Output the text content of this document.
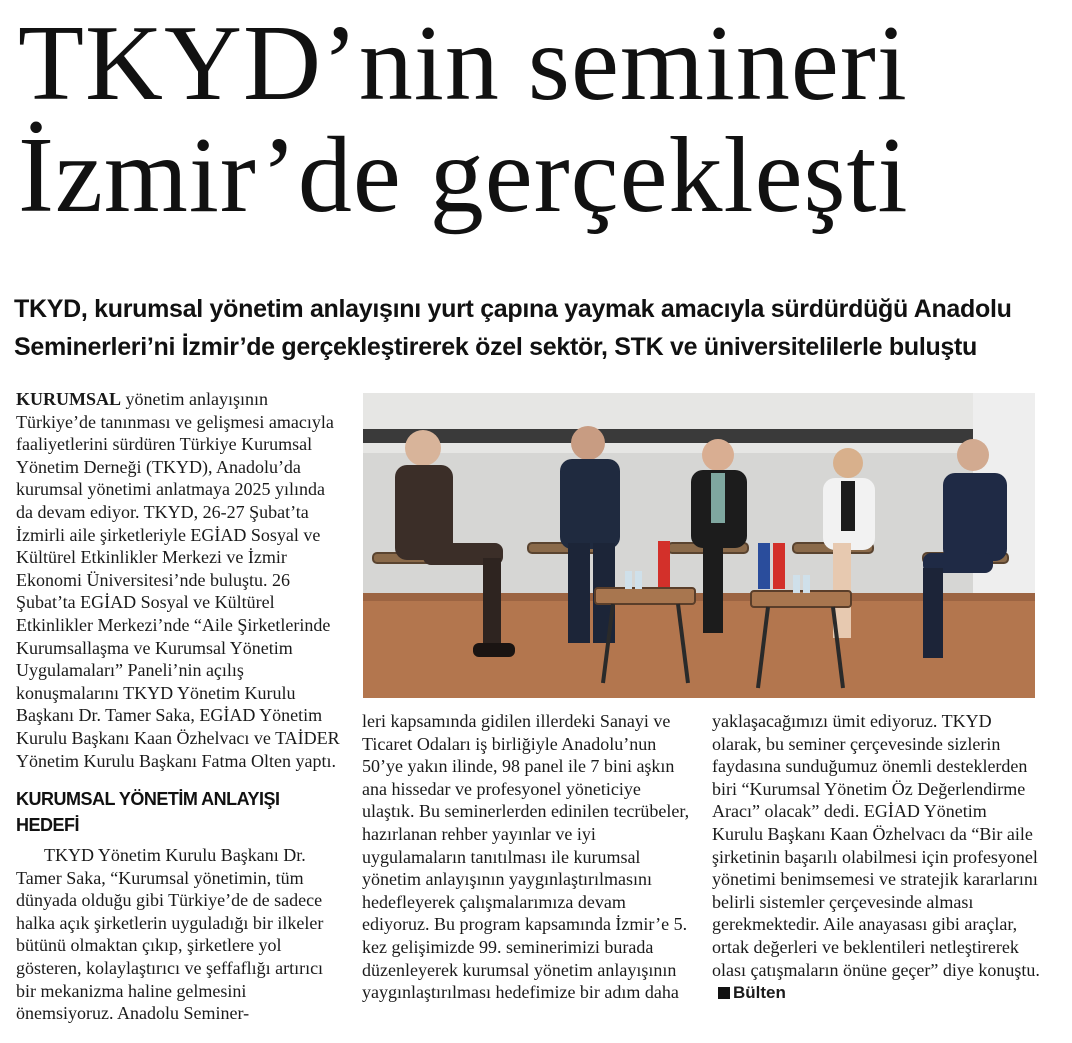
TKYD’nin semineri
İzmir’de gerçekleşti
TKYD, kurumsal yönetim anlayışını yurt çapına yaymak amacıyla sürdürdüğü Anadolu
Seminerleri’ni İzmir’de gerçekleştirerek özel sektör, STK ve üniversitelilerle buluştu

KURUMSAL yönetim anlayışının Türkiye’de tanınması ve gelişmesi amacıyla faaliyetlerini sürdüren Türkiye Kurumsal Yönetim Derneği (TKYD), Anadolu’da kurumsal yönetimi anlatmaya 2025 yılında da devam ediyor. TKYD, 26-27 Şubat’ta İzmirli aile şirketleriyle EGİAD Sosyal ve Kültürel Etkinlikler Merkezi ve İzmir Ekonomi Üniversitesi’nde buluştu. 26 Şubat’ta EGİAD Sosyal ve Kültürel Etkinlikler Merkezi’nde “Aile Şirketlerinde Kurumsallaşma ve Kurumsal Yönetim Uygulamaları” Paneli’nin açılış konuşmalarını TKYD Yönetim Kurulu Başkanı Dr. Tamer Saka, EGİAD Yönetim Kurulu Başkanı Kaan Özhelvacı ve TAİDER Yönetim Kurulu Başkanı Fatma Olten yaptı.

KURUMSAL YÖNETİM ANLAYIŞI HEDEFİ

TKYD Yönetim Kurulu Başkanı Dr. Tamer Saka, “Kurumsal yönetimin, tüm dünyada olduğu gibi Türkiye’de de sadece halka açık şirketlerin uyguladığı bir ilkeler bütünü olmaktan çıkıp, şirketlere yol gösteren, kolaylaştırıcı ve şeffaflığı artırıcı bir mekanizma haline gelmesini önemsiyoruz. Anadolu Seminer-

leri kapsamında gidilen illerdeki Sanayi ve Ticaret Odaları iş birliğiyle Anadolu’nun 50’ye yakın ilinde, 98 panel ile 7 bini aşkın ana hissedar ve profesyonel yöneticiye ulaştık. Bu seminerlerden edinilen tecrübeler, hazırlanan rehber yayınlar ve iyi uygulamaların tanıtılması ile kurumsal yönetim anlayışının yaygınlaştırılmasını hedefleyerek çalışmalarımıza devam ediyoruz. Bu program kapsamında İzmir’e 5. kez gelişimizde 99. seminerimizi burada düzenleyerek kurumsal yönetim anlayışının yaygınlaştırılması hedefimize bir adım daha

yaklaşacağımızı ümit ediyoruz. TKYD olarak, bu seminer çerçevesinde sizlerin faydasına sunduğumuz önemli desteklerden biri “Kurumsal Yönetim Öz Değerlendirme Aracı” olacak” dedi. EGİAD Yönetim Kurulu Başkanı Kaan Özhelvacı da “Bir aile şirketinin başarılı olabilmesi için profesyonel yönetimi benimsemesi ve stratejik kararlarını belirli sistemler çerçevesinde alması gerekmektedir. Aile anayasası gibi araçlar, ortak değerleri ve beklentileri netleştirerek olası çatışmaların önüne geçer” diye konuştu.Bülten
